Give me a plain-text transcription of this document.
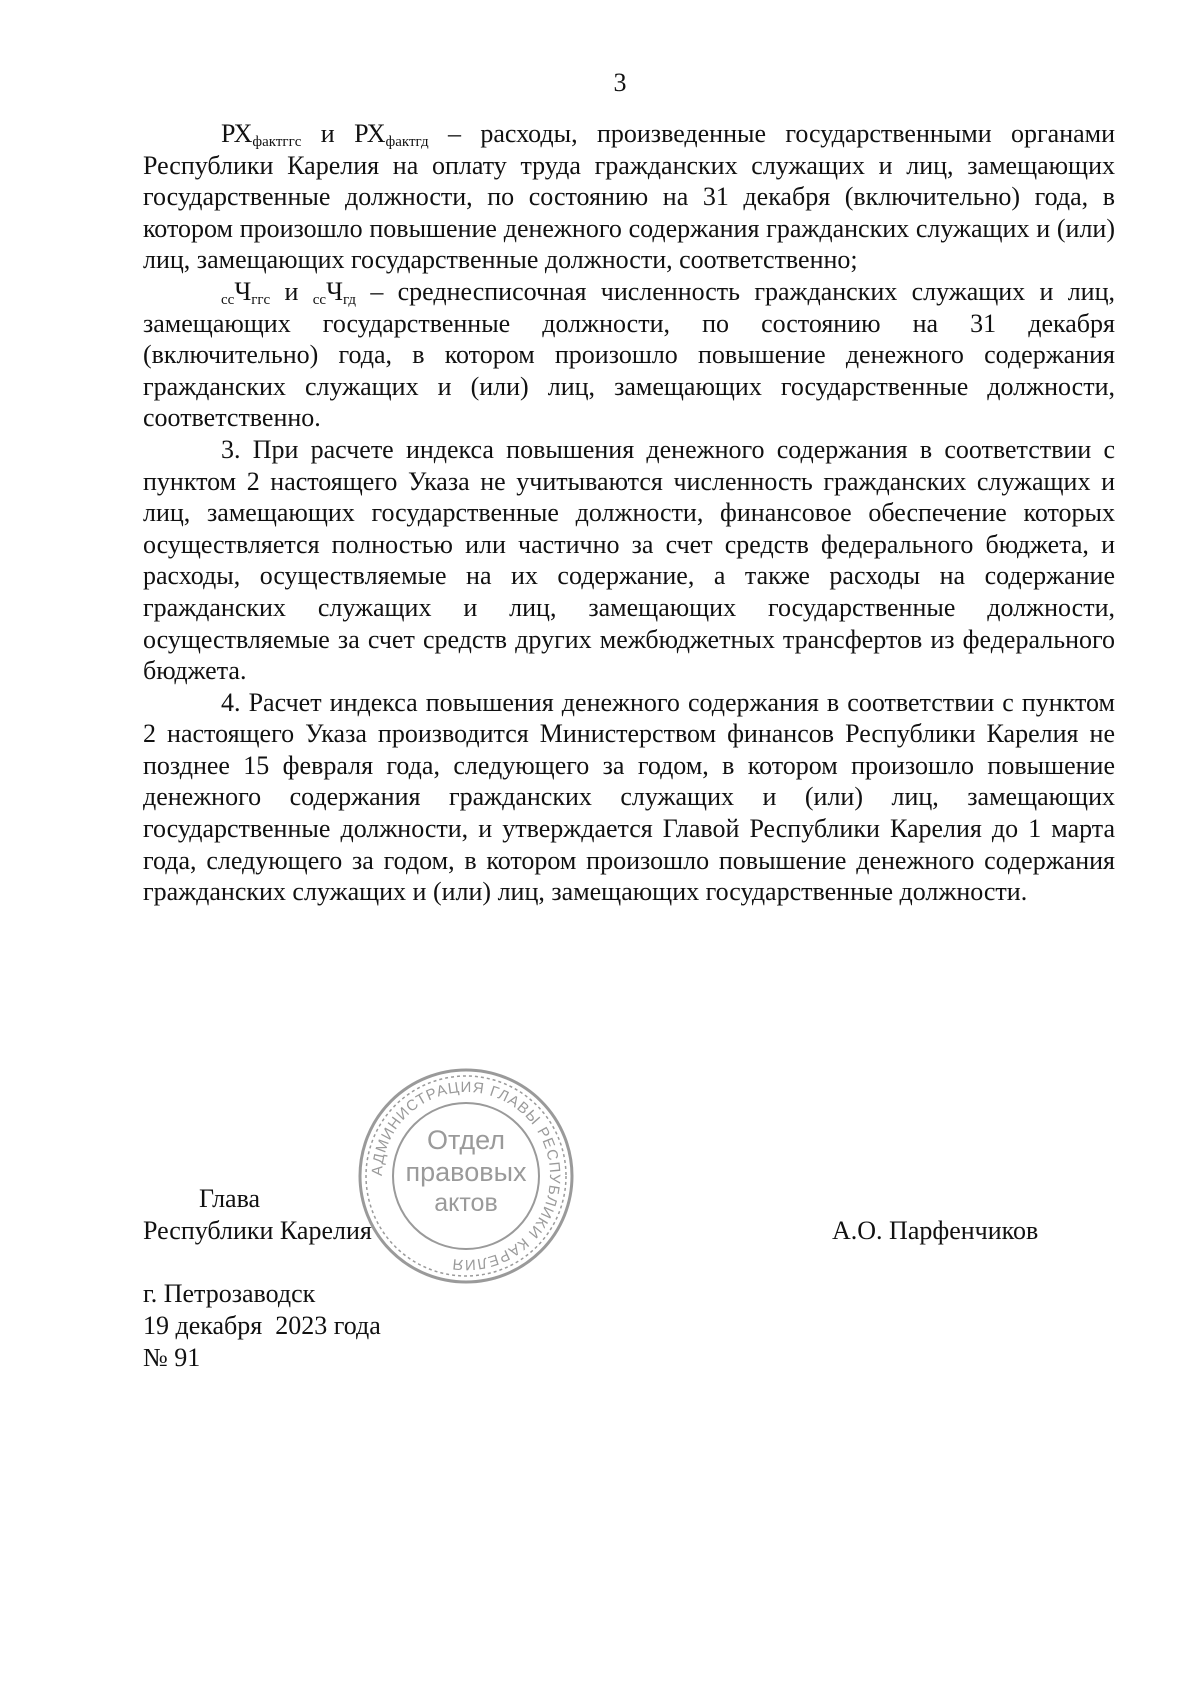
3

$РХ_{фактггс}$ и $РХ_{фактгд}$ – расходы, произведенные государственными органами Республики Карелия на оплату труда гражданских служащих и лиц, замещающих государственные должности, по состоянию на 31 декабря (включительно) года, в котором произошло повышение денежного содержания гражданских служащих и (или) лиц, замещающих государственные должности, соответственно;

ссЧ$_{ггс}$ и ссЧ$_{гд}$ – среднесписочная численность гражданских служащих и лиц, замещающих государственные должности, по состоянию на 31 декабря (включительно) года, в котором произошло повышение денежного содержания гражданских служащих и (или) лиц, замещающих государственные должности, соответственно.

3. При расчете индекса повышения денежного содержания в соответствии с пунктом 2 настоящего Указа не учитываются численность гражданских служащих и лиц, замещающих государственные должности, финансовое обеспечение которых осуществляется полностью или частично за счет средств федерального бюджета, и расходы, осуществляемые на их содержание, а также расходы на содержание гражданских служащих и лиц, замещающих государственные должности, осуществляемые за счет средств других межбюджетных трансфертов из федерального бюджета.

4. Расчет индекса повышения денежного содержания в соответствии с пунктом 2 настоящего Указа производится Министерством финансов Республики Карелия не позднее 15 февраля года, следующего за годом, в котором произошло повышение денежного содержания гражданских служащих и (или) лиц, замещающих государственные должности, и утверждается Главой Республики Карелия до 1 марта года, следующего за годом, в котором произошло повышение денежного содержания гражданских служащих и (или) лиц, замещающих государственные должности.

Глава
Республики Карелия
АДМИНИСТРАЦИЯ ГЛАВЫ РЕСПУБЛИКИ КАРЕЛИЯ
Отдел
правовых
актов
А.О. Парфенчиков
г. Петрозаводск
19 декабря  2023 года
№ 91
